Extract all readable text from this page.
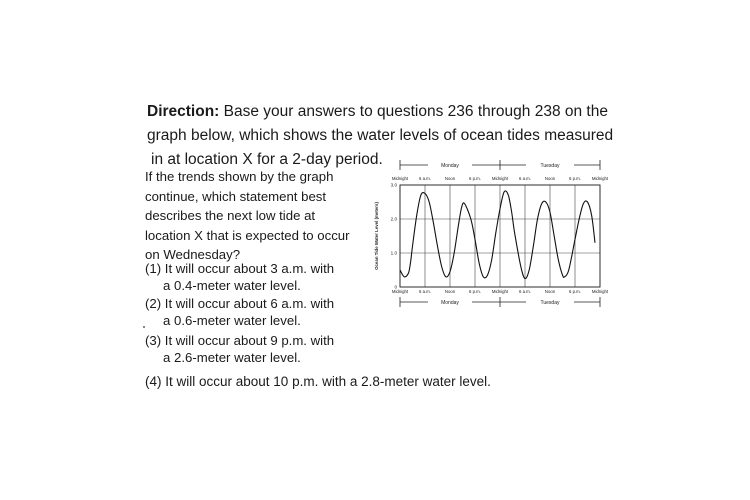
Direction: Base your answers to questions 236 through 238 on the
graph below, which shows the water levels of ocean tides measured
in at location X for a 2-day period.
If the trends shown by the graph
continue, which statement best
describes the next low tide at
location X that is expected to occur
on Wednesday?
(1) It will occur about 3 a.m. with
a 0.4-meter water level.
(2) It will occur about 6 a.m. with
a 0.6-meter water level.
(3) It will occur about 9 p.m. with
a 2.6-meter water level.
(4) It will occur about 10 p.m. with a 2.8-meter water level.
Monday	Tuesday
Midnight	6 a.m.	Noon	6 p.m.	Midnight	6 a.m.	Noon	6 p.m.	Midnight
3.0
2.0
1.0
0
Ocean Tide Water Level (meters)
Midnight	6 a.m.	Noon	6 p.m.	Midnight	6 a.m.	Noon	6 p.m.	Midnight
Monday	Tuesday
